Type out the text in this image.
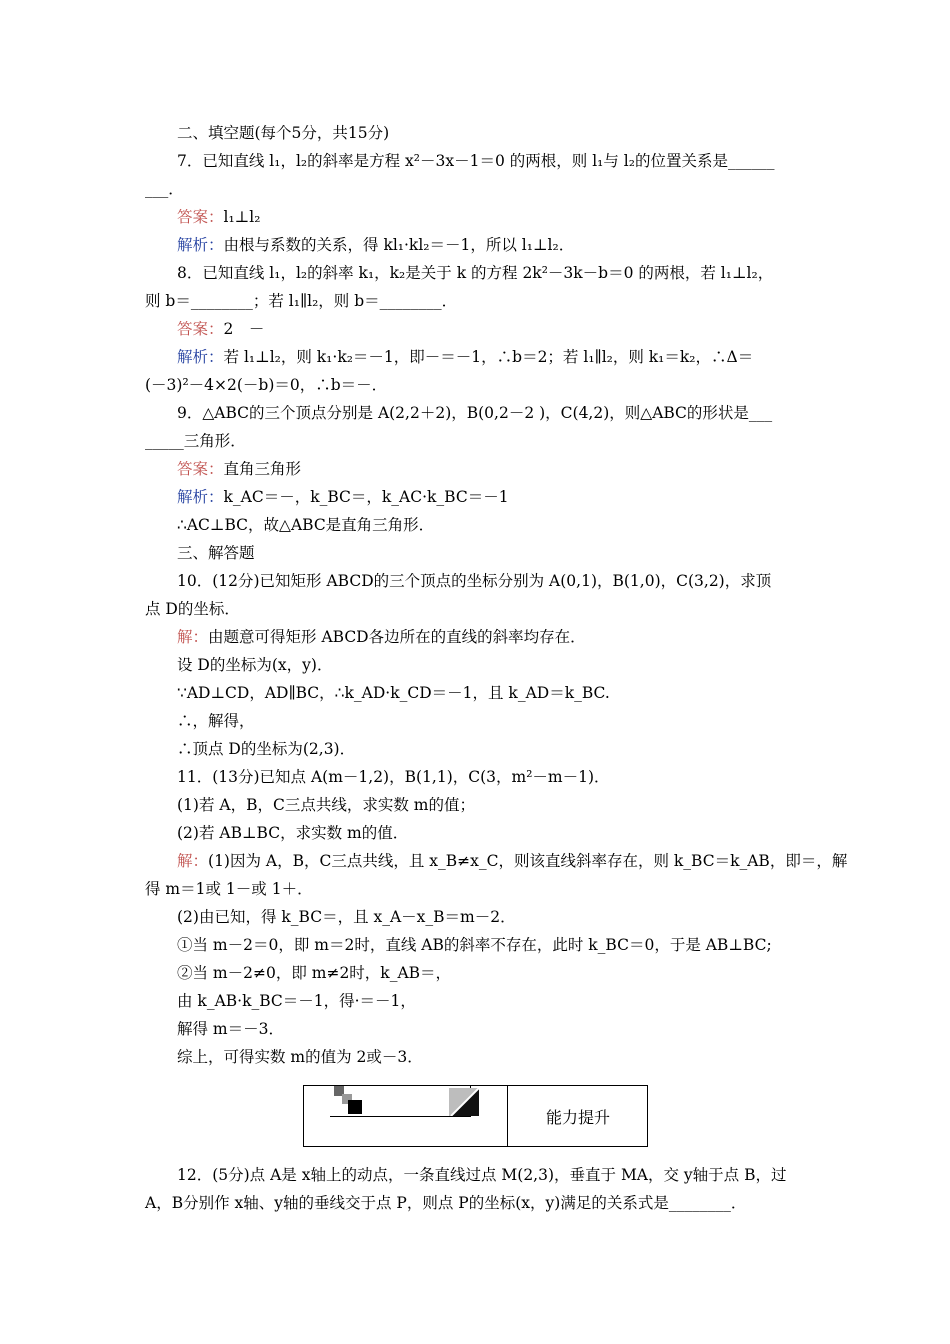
二、填空题(每个5分，共15分)
7．已知直线 l₁，l₂的斜率是方程 x²－3x－1＝0 的两根，则 l₁与 l₂的位置关系是______
___．
答案：l₁⊥l₂
解析：由根与系数的关系，得 kl₁·kl₂＝－1，所以 l₁⊥l₂．
8．已知直线 l₁，l₂的斜率 k₁，k₂是关于 k 的方程 2k²－3k－b＝0 的两根，若 l₁⊥l₂，
则 b＝________；若 l₁∥l₂，则 b＝________．
答案：2　－
解析：若 l₁⊥l₂，则 k₁·k₂＝－1，即－＝－1，∴b＝2；若 l₁∥l₂，则 k₁＝k₂，∴Δ＝
(－3)²－4×2(－b)＝0，∴b＝－．
9．△ABC的三个顶点分别是 A(2,2＋2)，B(0,2－2 )，C(4,2)，则△ABC的形状是___
_____三角形．
答案：直角三角形
解析：k_AC＝－，k_BC＝，k_AC·k_BC＝－1
∴AC⊥BC，故△ABC是直角三角形．
三、解答题
10．(12分)已知矩形 ABCD的三个顶点的坐标分别为 A(0,1)，B(1,0)，C(3,2)，求顶
点 D的坐标．
解：由题意可得矩形 ABCD各边所在的直线的斜率均存在．
设 D的坐标为(x，y)．
∵AD⊥CD，AD∥BC，∴k_AD·k_CD＝－1，且 k_AD＝k_BC.
∴，解得，
∴顶点 D的坐标为(2,3)．
11．(13分)已知点 A(m－1,2)，B(1,1)，C(3，m²－m－1)．
(1)若 A，B，C三点共线，求实数 m的值；
(2)若 AB⊥BC，求实数 m的值．
解：(1)因为 A，B，C三点共线，且 x_B≠x_C，则该直线斜率存在，则 k_BC＝k_AB，即＝，解
得 m＝1或 1－或 1＋．
(2)由已知，得 k_BC＝，且 x_A－x_B＝m－2．
①当 m－2＝0，即 m＝2时，直线 AB的斜率不存在，此时 k_BC＝0，于是 AB⊥BC;
②当 m－2≠0，即 m≠2时，k_AB＝，
由 k_AB·k_BC＝－1，得·＝－1，
解得 m＝－3．
综上，可得实数 m的值为 2或－3．
能力提升
12．(5分)点 A是 x轴上的动点，一条直线过点 M(2,3)，垂直于 MA，交 y轴于点 B，过
A，B分别作 x轴、y轴的垂线交于点 P，则点 P的坐标(x，y)满足的关系式是________．
